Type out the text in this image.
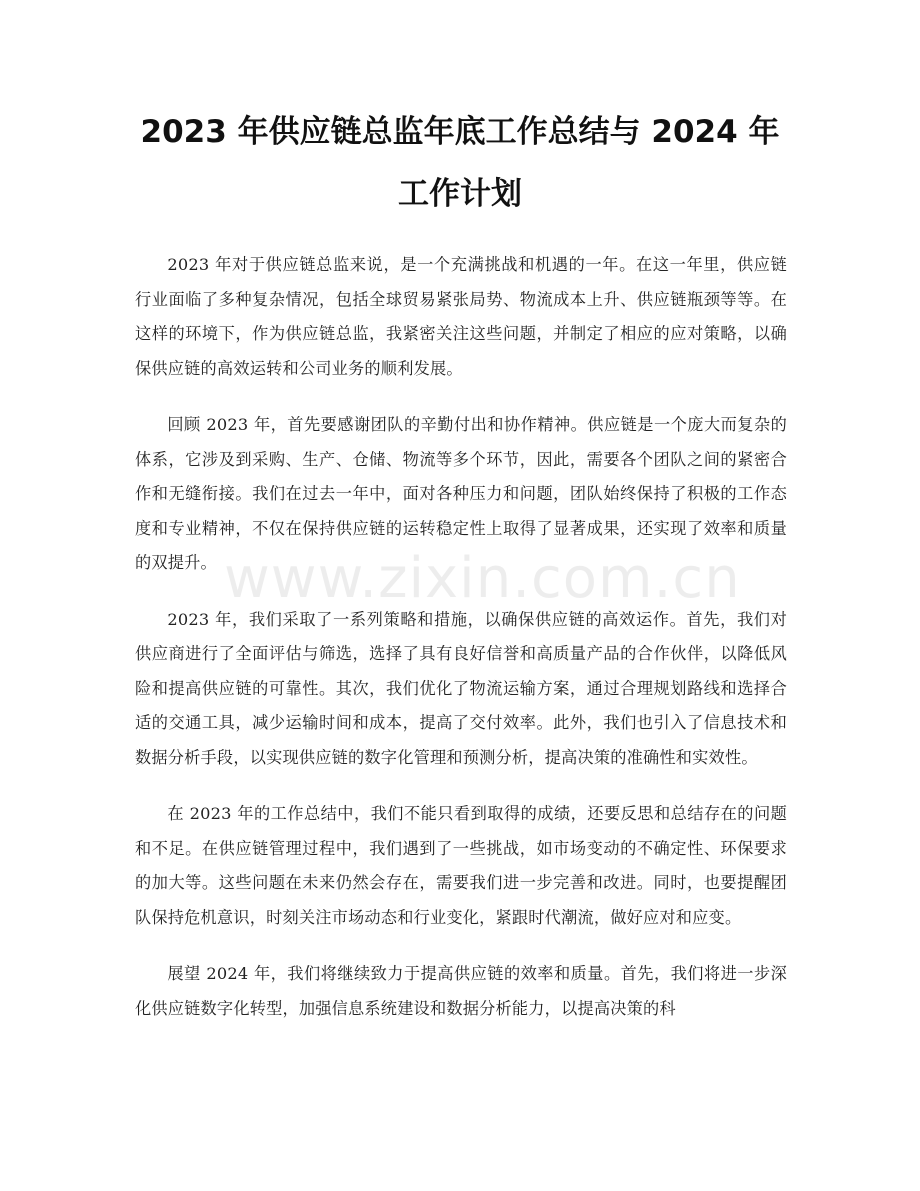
2023 年供应链总监年底工作总结与 2024 年
工作计划

2023 年对于供应链总监来说，是一个充满挑战和机遇的一年。在这一年里，供应链行业面临了多种复杂情况，包括全球贸易紧张局势、物流成本上升、供应链瓶颈等等。在这样的环境下，作为供应链总监，我紧密关注这些问题，并制定了相应的应对策略，以确保供应链的高效运转和公司业务的顺利发展。

回顾 2023 年，首先要感谢团队的辛勤付出和协作精神。供应链是一个庞大而复杂的体系，它涉及到采购、生产、仓储、物流等多个环节，因此，需要各个团队之间的紧密合作和无缝衔接。我们在过去一年中，面对各种压力和问题，团队始终保持了积极的工作态度和专业精神，不仅在保持供应链的运转稳定性上取得了显著成果，还实现了效率和质量的双提升。

2023 年，我们采取了一系列策略和措施，以确保供应链的高效运作。首先，我们对供应商进行了全面评估与筛选，选择了具有良好信誉和高质量产品的合作伙伴，以降低风险和提高供应链的可靠性。其次，我们优化了物流运输方案，通过合理规划路线和选择合适的交通工具，减少运输时间和成本，提高了交付效率。此外，我们也引入了信息技术和数据分析手段，以实现供应链的数字化管理和预测分析，提高决策的准确性和实效性。

在 2023 年的工作总结中，我们不能只看到取得的成绩，还要反思和总结存在的问题和不足。在供应链管理过程中，我们遇到了一些挑战，如市场变动的不确定性、环保要求的加大等。这些问题在未来仍然会存在，需要我们进一步完善和改进。同时，也要提醒团队保持危机意识，时刻关注市场动态和行业变化，紧跟时代潮流，做好应对和应变。

展望 2024 年，我们将继续致力于提高供应链的效率和质量。首先，我们将进一步深化供应链数字化转型，加强信息系统建设和数据分析能力，以提高决策的科

www.zixin.com.cn
